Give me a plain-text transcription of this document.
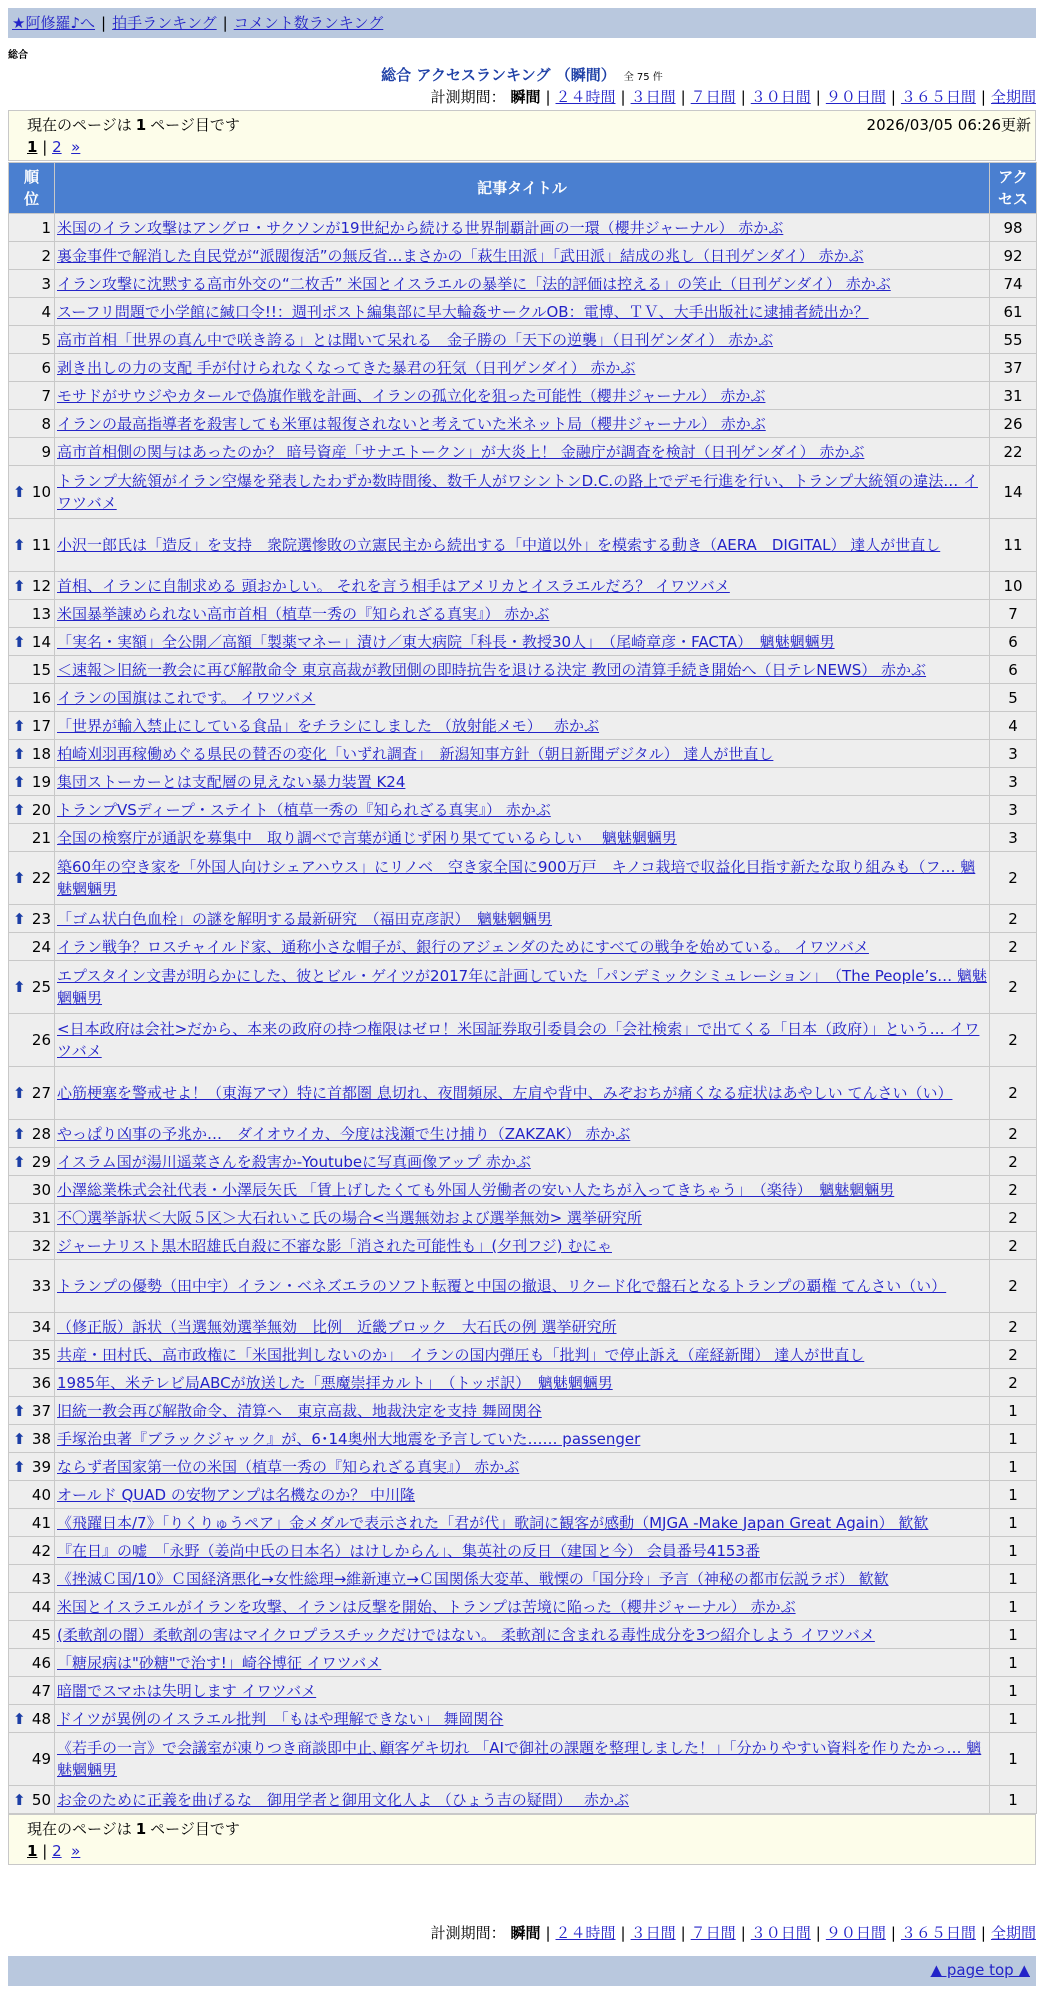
★阿修羅♪へ | 拍手ランキング | コメント数ランキング
総合
総合 アクセスランキング （瞬間） 全 75 件
計測期間： 瞬間 | ２４時間 | ３日間 | ７日間 | ３０日間 | ９０日間 | ３６５日間 | 全期間
現在のページは 1 ページ目です	2026/03/05 06:26更新
1 | 2 »
順位	記事タイトル	アクセス
1	米国のイラン攻撃はアングロ・サクソンが19世紀から続ける世界制覇計画の一環（櫻井ジャーナル） 赤かぶ	98
2	裏金事件で解消した自民党が“派閥復活”の無反省…まさかの「萩生田派」「武田派」結成の兆し（日刊ゲンダイ） 赤かぶ	92
3	イラン攻撃に沈黙する高市外交の“二枚舌” 米国とイスラエルの暴挙に「法的評価は控える」の笑止（日刊ゲンダイ） 赤かぶ	74
4	スーフリ問題で小学館に緘口令!!：週刊ポスト編集部に早大輪姦サークルOB：電博、ＴＶ、大手出版社に逮捕者続出か？	61
5	高市首相「世界の真ん中で咲き誇る」とは聞いて呆れる　金子勝の「天下の逆襲」（日刊ゲンダイ） 赤かぶ	55
6	剥き出しの力の支配 手が付けられなくなってきた暴君の狂気（日刊ゲンダイ） 赤かぶ	37
7	モサドがサウジやカタールで偽旗作戦を計画、イランの孤立化を狙った可能性（櫻井ジャーナル） 赤かぶ	31
8	イランの最高指導者を殺害しても米軍は報復されないと考えていた米ネット局（櫻井ジャーナル） 赤かぶ	26
9	高市首相側の関与はあったのか？ 暗号資産「サナエトークン」が大炎上！ 金融庁が調査を検討（日刊ゲンダイ） 赤かぶ	22

⬆ 10	トランプ大統領がイラン空爆を発表したわずか数時間後、数千人がワシントンD.C.の路上でデモ行進を行い、トランプ大統領の違法… イワツバメ	14

⬆ 11	小沢一郎氏は「造反」を支持　衆院選惨敗の立憲民主から続出する「中道以外」を模索する動き（AERA　DIGITAL） 達人が世直し	11

⬆ 12	首相、イランに自制求める 頭おかしい。 それを言う相手はアメリカとイスラエルだろ？ イワツバメ	10
13	米国暴挙諌められない高市首相（植草一秀の『知られざる真実』） 赤かぶ	7

⬆ 14	「実名・実額」全公開／高額「製薬マネー」漬け／東大病院「科長・教授30人」　（尾崎章彦・FACTA）　魑魅魍魎男	6
15	＜速報＞旧統一教会に再び解散命令 東京高裁が教団側の即時抗告を退ける決定 教団の清算手続き開始へ（日テレNEWS） 赤かぶ	6
16	イランの国旗はこれです。 イワツバメ	5

⬆ 17	「世界が輸入禁止にしている食品」をチラシにしました （放射能メモ）　 赤かぶ	4

⬆ 18	柏崎刈羽再稼働めぐる県民の賛否の変化「いずれ調査」　新潟知事方針（朝日新聞デジタル） 達人が世直し	3

⬆ 19	集団ストーカーとは支配層の見えない暴力装置 K24	3

⬆ 20	トランプVSディープ・ステイト（植草一秀の『知られざる真実』） 赤かぶ	3
21	全国の検察庁が通訳を募集中　取り調べで言葉が通じず困り果てているらしい　 魑魅魍魎男	3

⬆ 22	築60年の空き家を「外国人向けシェアハウス」にリノベ　空き家全国に900万戸　キノコ栽培で収益化目指す新たな取り組みも（フ… 魑魅魍魎男	2

⬆ 23	「ゴム状白色血栓」の謎を解明する最新研究　（福田克彦訳）　魑魅魍魎男	2
24	イラン戦争？ロスチャイルド家、通称小さな帽子が、銀行のアジェンダのためにすべての戦争を始めている。 イワツバメ	2

⬆ 25	エプスタイン文書が明らかにした、彼とビル・ゲイツが2017年に計画していた「パンデミックシミュレーション」　（The People’s… 魑魅魍魎男	2
26	<日本政府は会社>だから、本来の政府の持つ権限はゼロ！米国証券取引委員会の「会社検索」で出てくる「日本（政府）」という… イワツバメ	2

⬆ 27	心筋梗塞を警戒せよ！（東海アマ）特に首都圏 息切れ、夜間頻尿、左肩や背中、みぞおちが痛くなる症状はあやしい てんさい（い）	2

⬆ 28	やっぱり凶事の予兆か…　ダイオウイカ、今度は浅瀬で生け捕り（ZAKZAK） 赤かぶ	2

⬆ 29	イスラム国が湯川遥菜さんを殺害か-Youtubeに写真画像アップ 赤かぶ	2
30	小澤総業株式会社代表・小澤辰矢氏 「賃上げしたくても外国人労働者の安い人たちが入ってきちゃう」　（楽待）　魑魅魍魎男	2
31	不〇選挙訴状＜大阪５区＞大石れいこ氏の場合<当選無効および選挙無効> 選挙研究所	2
32	ジャーナリスト黒木昭雄氏自殺に不審な影「消された可能性も」(夕刊フジ) むにゃ	2
33	トランプの優勢（田中宇）イラン・ベネズエラのソフト転覆と中国の撤退、リクード化で盤石となるトランプの覇権 てんさい（い）	2
34	（修正版）訴状（当選無効選挙無効　比例　近畿ブロック　大石氏の例 選挙研究所	2
35	共産・田村氏、高市政権に「米国批判しないのか」　イランの国内弾圧も「批判」で停止訴え（産経新聞） 達人が世直し	2
36	1985年、米テレビ局ABCが放送した「悪魔崇拝カルト」　（トッポ訳）　魑魅魍魎男	2

⬆ 37	旧統一教会再び解散命令、清算へ　東京高裁、地裁決定を支持 舞岡関谷	1

⬆ 38	手塚治虫著『ブラックジャック』が、6･14奥州大地震を予言していた…… passenger	1

⬆ 39	ならず者国家第一位の米国（植草一秀の『知られざる真実』） 赤かぶ	1
40	オールド QUAD の安物アンプは名機なのか？ 中川隆	1
41	《飛躍日本/7》「りくりゅうペア」金メダルで表示された「君が代」歌詞に観客が感動（MJGA -Make Japan Great Again） 歓歓	1
42	『在日』の嘘　「永野（姜尚中氏の日本名）はけしからん」、集英社の反日（建国と今） 会員番号4153番	1
43	《挫滅Ｃ国/10》Ｃ国経済悪化→女性総理→維新連立→Ｃ国関係大変革、戦慄の「国分玲」予言（神秘の都市伝説ラボ） 歓歓	1
44	米国とイスラエルがイランを攻撃、イランは反撃を開始、トランプは苦境に陥った（櫻井ジャーナル） 赤かぶ	1
45	(柔軟剤の闇）柔軟剤の害はマイクロプラスチックだけではない。 柔軟剤に含まれる毒性成分を3つ紹介しよう イワツバメ	1
46	「糖尿病は"砂糖"で治す!」崎谷博征 イワツバメ	1
47	暗闇でスマホは失明します イワツバメ	1

⬆ 48	ドイツが異例のイスラエル批判　「もはや理解できない」 舞岡関谷	1
49	《若手の一言》で会議室が凍りつき商談即中止､顧客ゲキ切れ 「AIで御社の課題を整理しました！」「分かりやすい資料を作りたかっ… 魑魅魍魎男	1

⬆ 50	お金のために正義を曲げるな　御用学者と御用文化人よ （ひょう吉の疑問）　 赤かぶ	1
計測期間： 瞬間 | ２４時間 | ３日間 | ７日間 | ３０日間 | ９０日間 | ３６５日間 | 全期間
▲ page top ▲
現在のページは 1 ページ目です
1 | 2 »
